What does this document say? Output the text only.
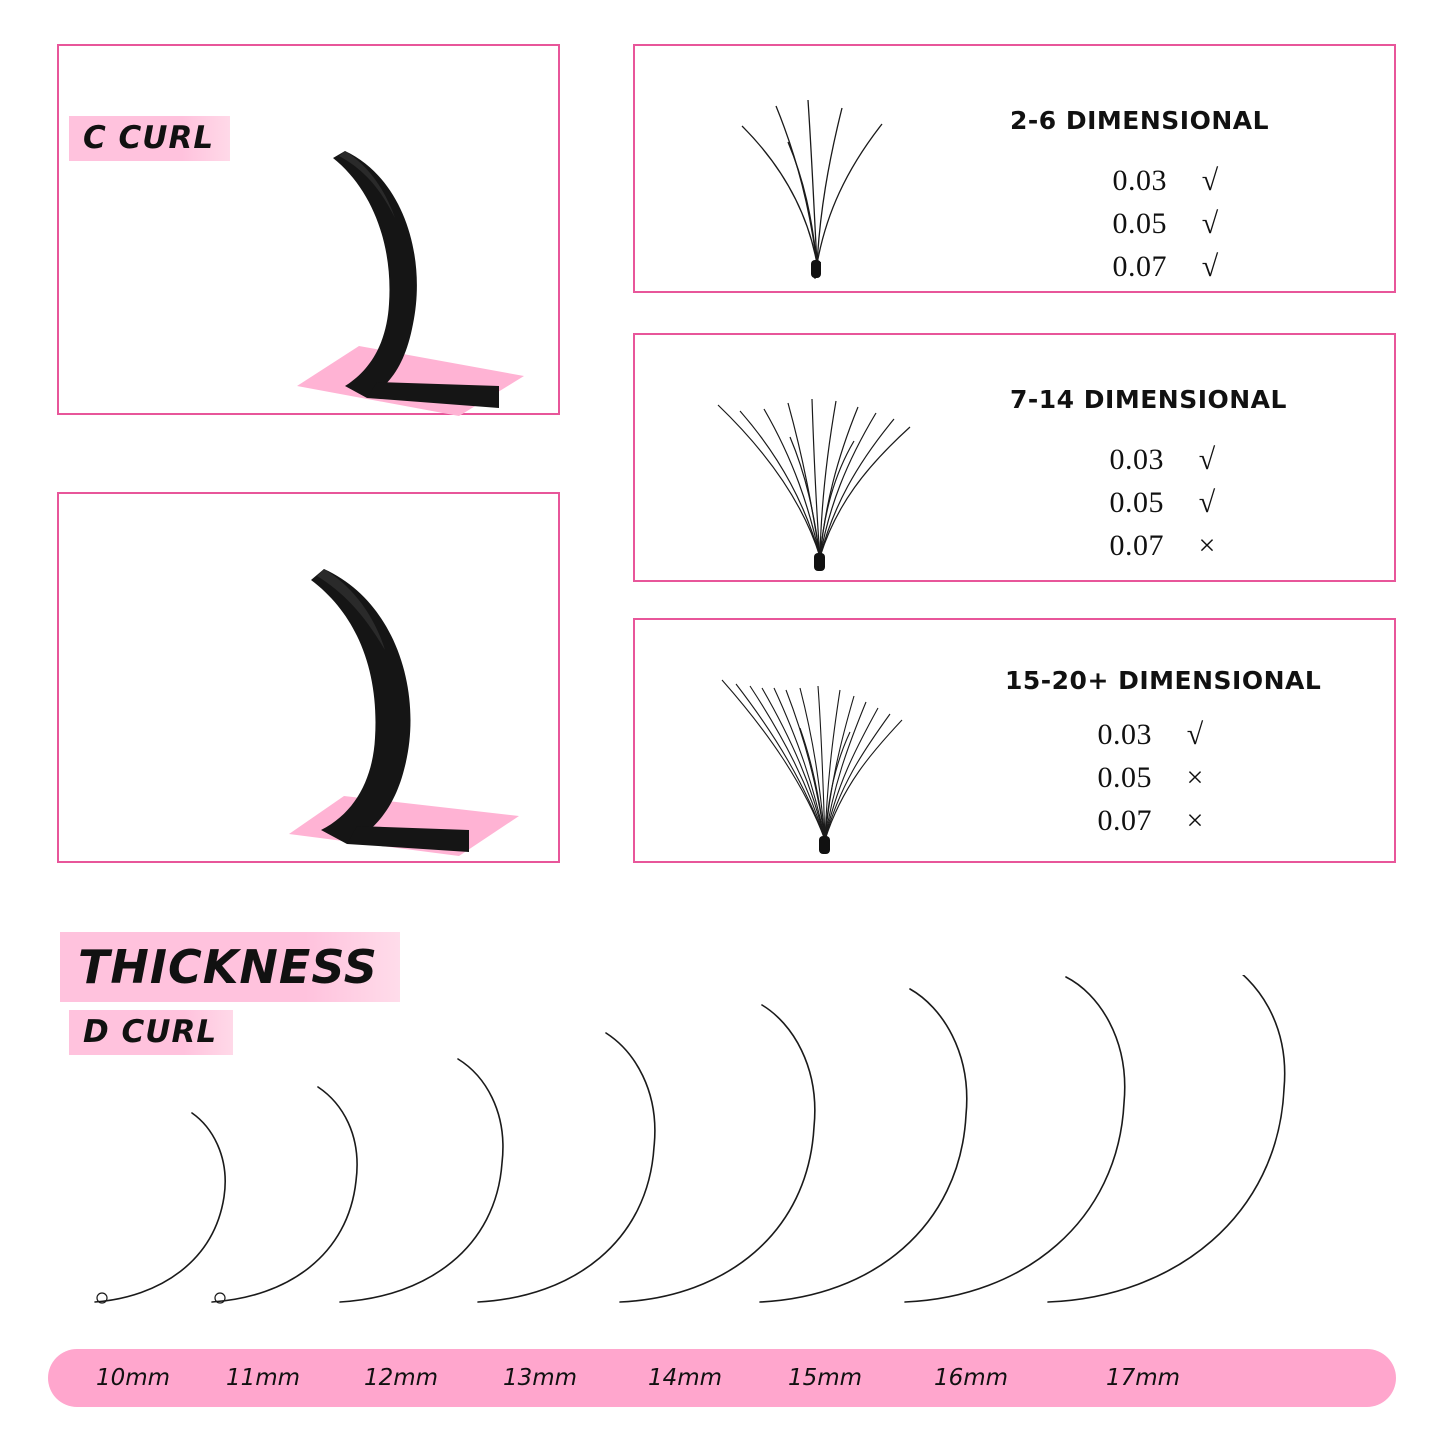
C CURL
D CURL
2-6 DIMENSIONAL
0.03	√
0.05	√
0.07	√
7-14 DIMENSIONAL
0.03	√
0.05	√
0.07	×
15-20+ DIMENSIONAL
0.03	√
0.05	×
0.07	×
THICKNESS
10mm	11mm	12mm	13mm	14mm	15mm	16mm	17mm
